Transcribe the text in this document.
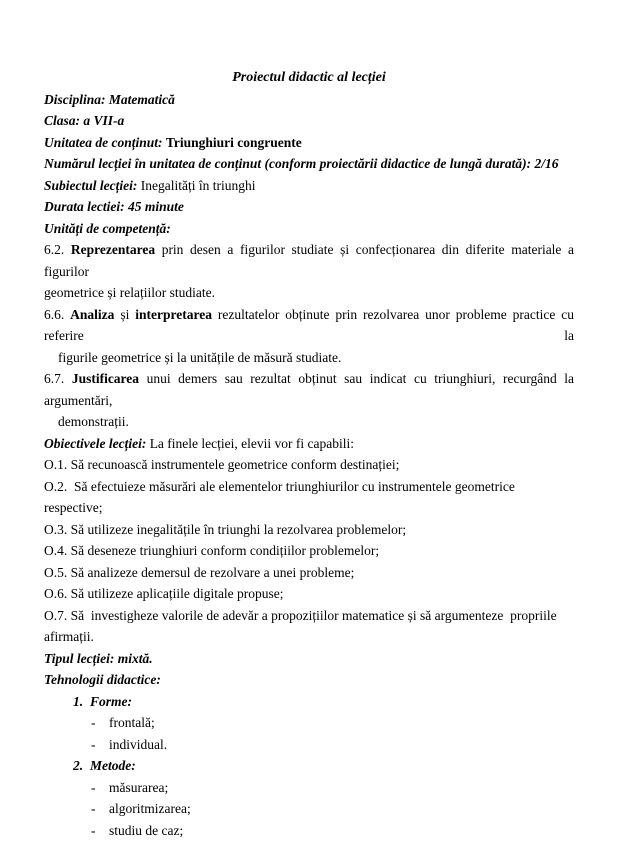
Proiectul didactic al lecției
Disciplina: Matematică
Clasa: a VII-a
Unitatea de conținut: Triunghiuri congruente
Numărul lecției în unitatea de conținut (conform proiectării didactice de lungă durată): 2/16
Subiectul lecției: Inegalități în triunghi
Durata lectiei: 45 minute
Unități de competență:
6.2. Reprezentarea prin desen a figurilor studiate și confecționarea din diferite materiale a figurilor
geometrice și relațiilor studiate.
6.6. Analiza și interpretarea rezultatelor obținute prin rezolvarea unor probleme practice cu referire la
figurile geometrice și la unitățile de măsură studiate.
6.7. Justificarea unui demers sau rezultat obținut sau indicat cu triunghiuri, recurgând la argumentări,
demonstrații.
Obiectivele lecției: La finele lecției, elevii vor fi capabili:
O.1. Să recunoască instrumentele geometrice conform destinației;
O.2.  Să efectuieze măsurări ale elementelor triunghiurilor cu instrumentele geometrice respective;
O.3. Să utilizeze inegalitățile în triunghi la rezolvarea problemelor;
O.4. Să deseneze triunghiuri conform condițiilor problemelor;
O.5. Să analizeze demersul de rezolvare a unei probleme;
O.6. Să utilizeze aplicațiile digitale propuse;
O.7. Să  investigheze valorile de adevăr a propozițiilor matematice și să argumenteze  propriile afirmații.
Tipul lecției: mixtă.
Tehnologii didactice:
1. Forme:
- frontală;
- individual.
2. Metode:
- măsurarea;
- algoritmizarea;
- studiu de caz;
